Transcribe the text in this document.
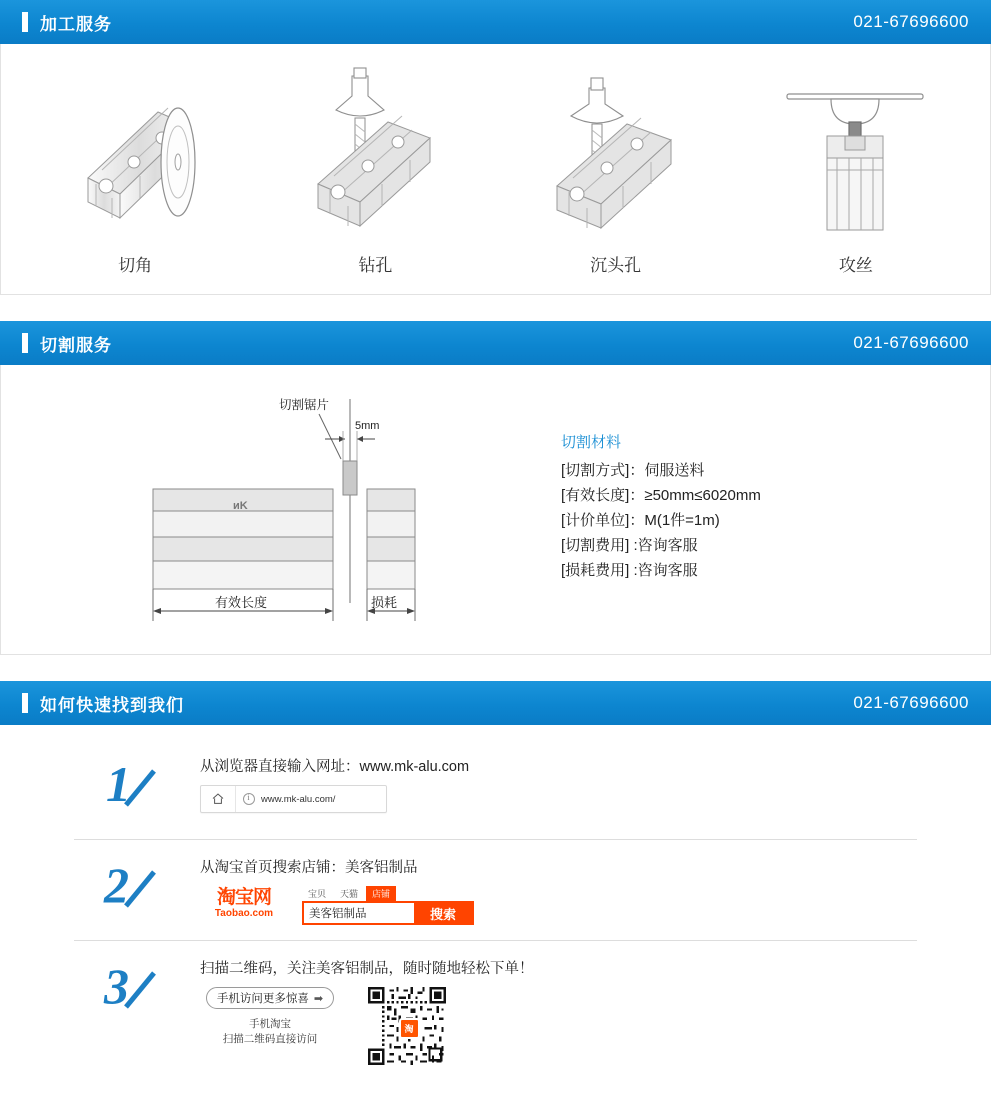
加工服务	021-67696600
切角	钻孔	沉头孔	攻丝
切割服务	021-67696600
ᴎK
切割锯片
5mm
有效长度	损耗
切割材料
[切割方式]：伺服送料
[有效长度]：≥50mm≤6020mm
[计价单位]：M(1件=1m)
[切割费用] :咨询客服
[损耗费用] :咨询客服
如何快速找到我们	021-67696600
1	从浏览器直接输入网址：www.mk-alu.com
i
www.mk-alu.com/
2	从淘宝首页搜索店铺：美客铝制品
淘宝网
Taobao.com
宝贝	天猫	店铺
美客铝制品	搜索
3	扫描二维码，关注美客铝制品，随时随地轻松下单！
手机访问更多惊喜 ➡
手机淘宝
扫描二维码直接访问
淘
